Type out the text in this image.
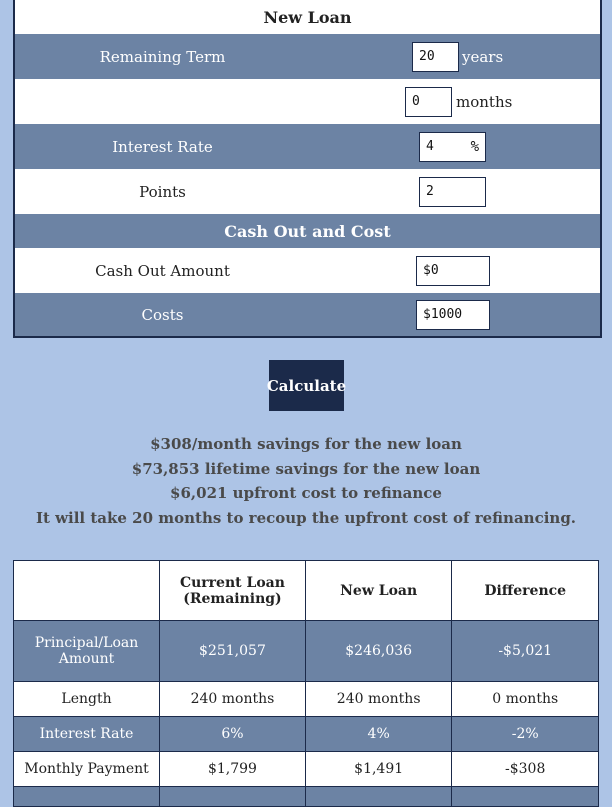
New Loan
Remaining Term	20	years
0	months
Interest Rate	4	%
Points	2
Cash Out and Cost
Cash Out Amount	$0
Costs	$1000
Calculate
$308/month savings for the new loan
$73,853 lifetime savings for the new loan
$6,021 upfront cost to refinance
It will take 20 months to recoup the upfront cost of refinancing.
	Current Loan (Remaining)	New Loan	Difference
Principal/Loan Amount	$251,057	$246,036	-$5,021
Length	240 months	240 months	0 months
Interest Rate	6%	4%	-2%
Monthly Payment	$1,799	$1,491	-$308
